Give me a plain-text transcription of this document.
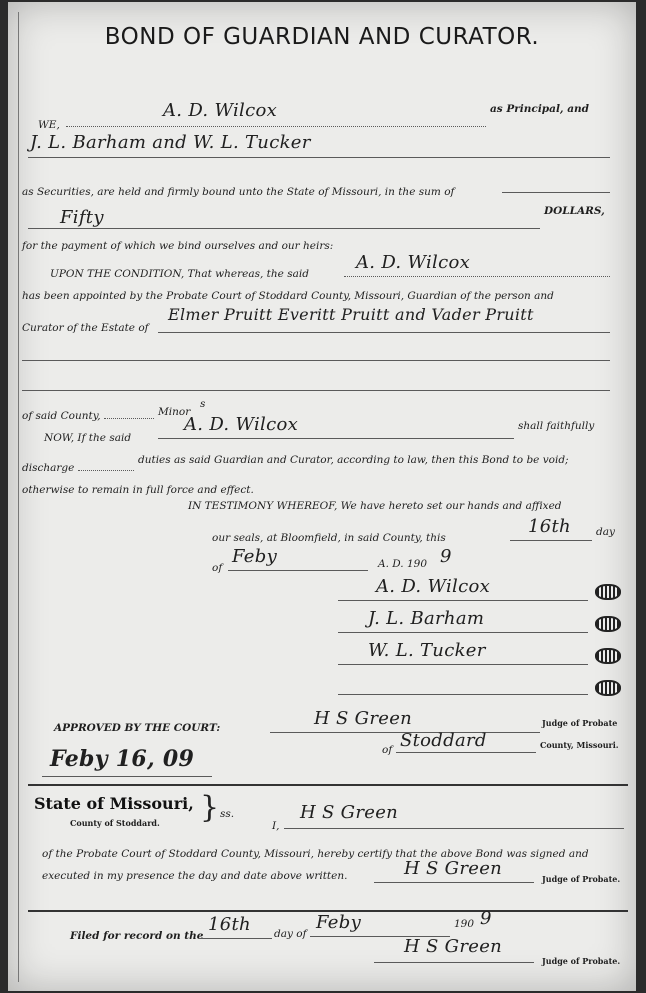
BOND OF GUARDIAN AND CURATOR.
WE,
A. D. Wilcox	as Principal, and
J. L. Barham and W. L. Tucker
as Securities, are held and firmly bound unto the State of Missouri, in the sum of
Fifty	DOLLARS,
for the payment of which we bind ourselves and our heirs:
UPON THE CONDITION, That whereas, the said
A. D. Wilcox
has been appointed by the Probate Court of Stoddard County, Missouri, Guardian of the person and
Curator of the Estate of
Elmer Pruitt Everitt Pruitt and Vader Pruitt
of said County,	Minor
s
NOW, If the said
A. D. Wilcox	shall faithfully
discharge
duties as said Guardian and Curator, according to law, then this Bond to be void;
otherwise to remain in full force and effect.
IN TESTIMONY WHEREOF, We have hereto set our hands and affixed
our seals, at Bloomfield, in said County, this
16th day
of
Feby	A. D. 190 9
A. D. Wilcox
J. L. Barham
W. L. Tucker
APPROVED BY THE COURT:	H S Green	Judge of Probate
of Stoddard	County, Missouri.
Feby 16, 09
State of Missouri, } ss.
County of Stoddard.	I,
H S Green
of the Probate Court of Stoddard County, Missouri, hereby certify that the above Bond was signed and
executed in my presence the day and date above written.	H S Green	Judge of Probate.
Filed for record on the
16th day of
Feby	190 9
H S Green
Judge of Probate.
